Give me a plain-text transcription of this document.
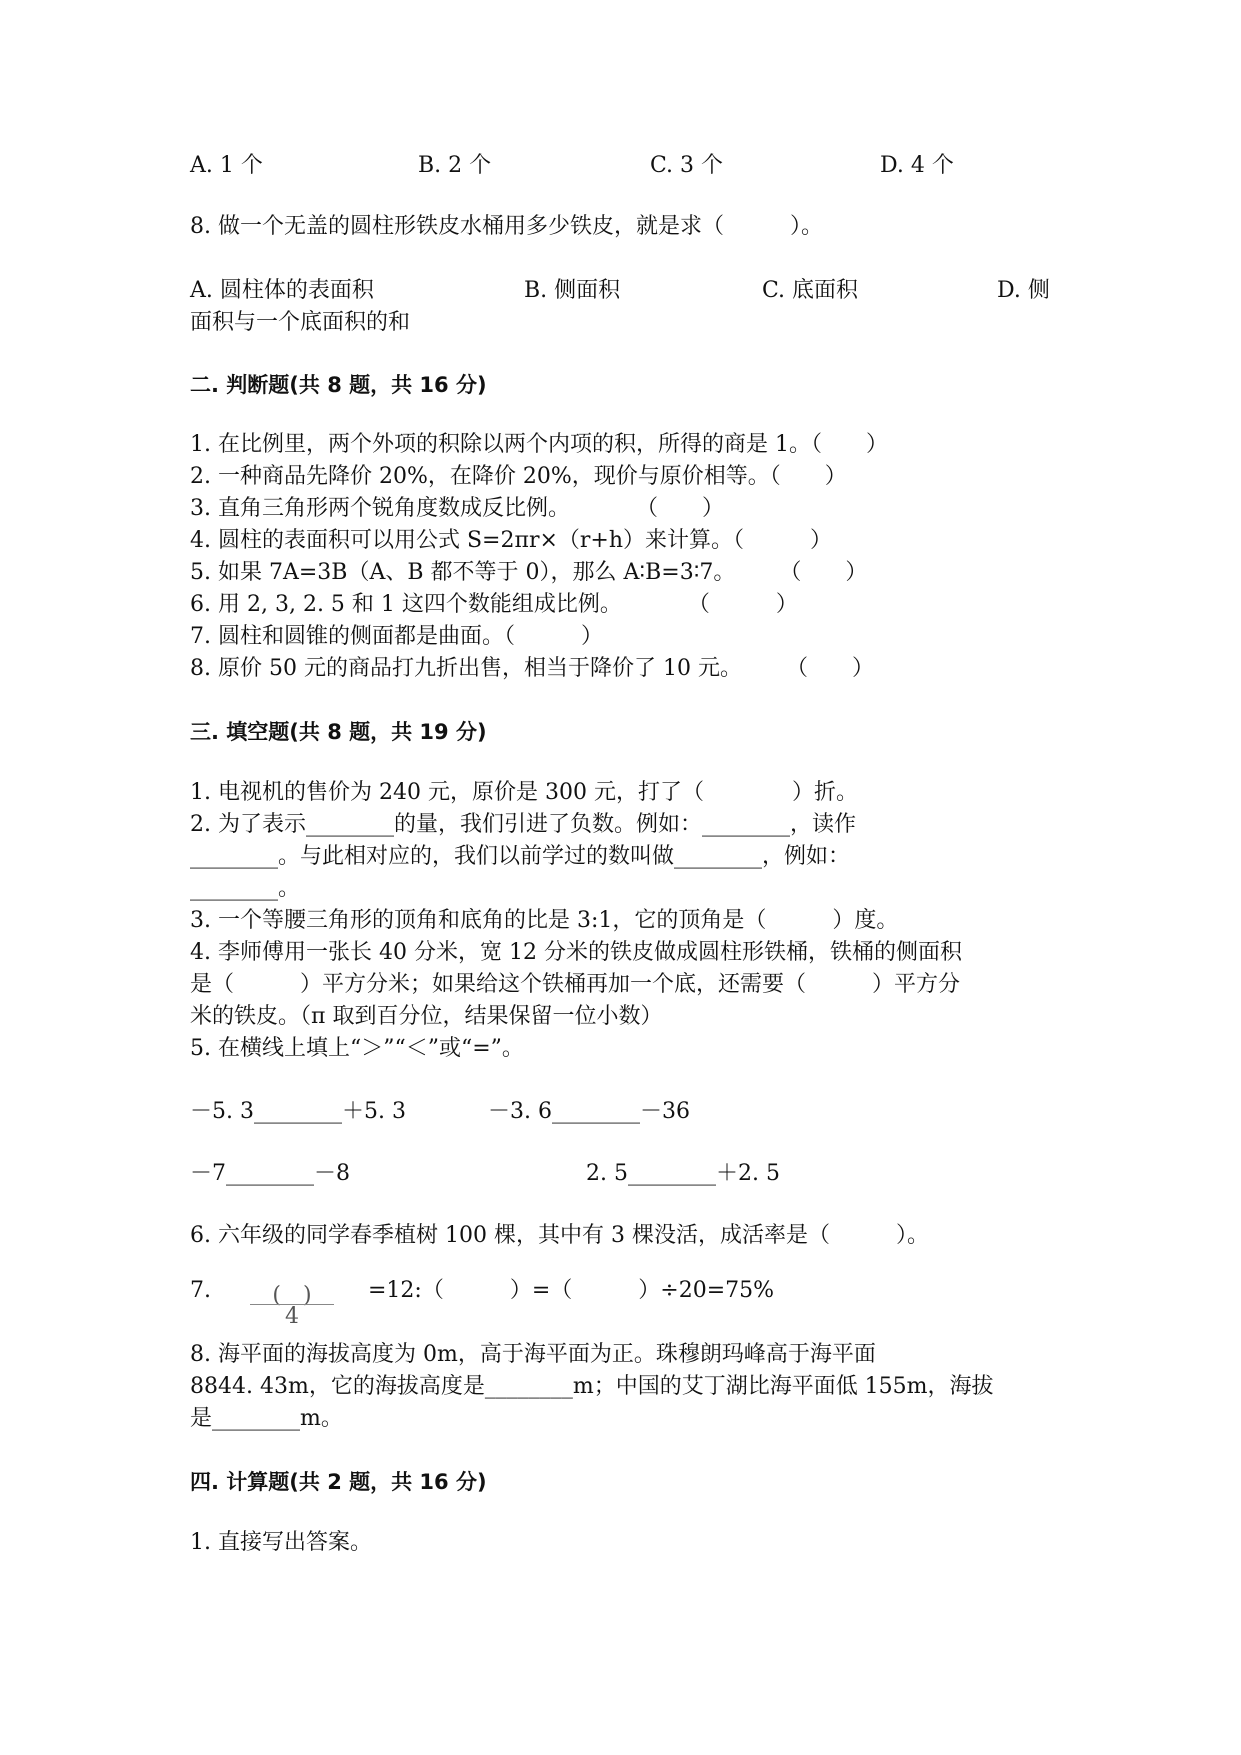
A. 1 个	B. 2 个	C. 3 个	D. 4 个
8. 做一个无盖的圆柱形铁皮水桶用多少铁皮，就是求（　　　）。
A. 圆柱体的表面积	B. 侧面积	C. 底面积	D. 侧
面积与一个底面积的和
二. 判断题(共 8 题，共 16 分)
1. 在比例里，两个外项的积除以两个内项的积，所得的商是 1。（　　）
2. 一种商品先降价 20%，在降价 20%，现价与原价相等。（　　）
3. 直角三角形两个锐角度数成反比例。　　　　（　　）
4. 圆柱的表面积可以用公式 S=2πr×（r+h）来计算。（　　　）
5. 如果 7A=3B（A、B 都不等于 0），那么 A∶B=3∶7。　　　（　　）
6. 用 2, 3, 2. 5 和 1 这四个数能组成比例。　　　　（　　　）
7. 圆柱和圆锥的侧面都是曲面。（　　　）
8. 原价 50 元的商品打九折出售，相当于降价了 10 元。　　　（　　）
三. 填空题(共 8 题，共 19 分)
1. 电视机的售价为 240 元，原价是 300 元，打了（　　　　）折。
2. 为了表示________的量，我们引进了负数。例如：________，读作
________。与此相对应的，我们以前学过的数叫做________，例如：
________。
3. 一个等腰三角形的顶角和底角的比是 3:1，它的顶角是（　　　）度。
4. 李师傅用一张长 40 分米，宽 12 分米的铁皮做成圆柱形铁桶，铁桶的侧面积
是（　　　）平方分米；如果给这个铁桶再加一个底，还需要（　　　）平方分
米的铁皮。（π 取到百分位，结果保留一位小数）
5. 在横线上填上“＞”“＜”或“=”。
－5. 3________＋5. 3	－3. 6________－36
－7________－8	2. 5________＋2. 5
6. 六年级的同学春季植树 100 棵，其中有 3 棵没活，成活率是（　　　）。
7.	(　)
4
=12:（　　　）=（　　　）÷20=75%
8. 海平面的海拔高度为 0m，高于海平面为正。珠穆朗玛峰高于海平面
8844. 43m，它的海拔高度是________m；中国的艾丁湖比海平面低 155m，海拔
是________m。
四. 计算题(共 2 题，共 16 分)
1. 直接写出答案。
